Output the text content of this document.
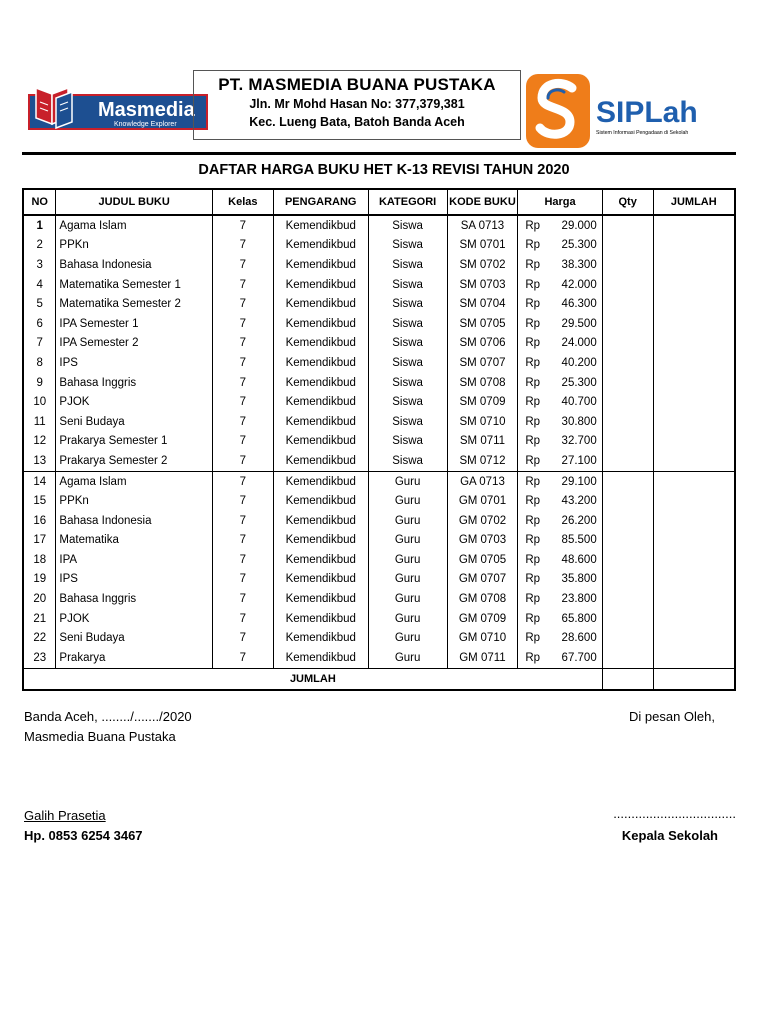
Masmedia
Knowledge Explorer
PT. MASMEDIA BUANA PUSTAKA
Jln. Mr Mohd Hasan No: 377,379,381
Kec. Lueng Bata, Batoh Banda Aceh	SIPLah
Sistem Informasi Pengadaan di Sekolah
DAFTAR HARGA BUKU HET K-13 REVISI TAHUN 2020
NO	JUDUL BUKU	Kelas	PENGARANG	KATEGORI	KODE BUKU	Harga		Qty	JUMLAH
1	Agama Islam	7	Kemendikbud	Siswa	SA 0713	Rp	29.000		
2	PPKn	7	Kemendikbud	Siswa	SM 0701	Rp	25.300		
3	Bahasa Indonesia	7	Kemendikbud	Siswa	SM 0702	Rp	38.300		
4	Matematika Semester 1	7	Kemendikbud	Siswa	SM 0703	Rp	42.000		
5	Matematika Semester 2	7	Kemendikbud	Siswa	SM 0704	Rp	46.300		
6	IPA Semester 1	7	Kemendikbud	Siswa	SM 0705	Rp	29.500		
7	IPA Semester 2	7	Kemendikbud	Siswa	SM 0706	Rp	24.000		
8	IPS	7	Kemendikbud	Siswa	SM 0707	Rp	40.200		
9	Bahasa Inggris	7	Kemendikbud	Siswa	SM 0708	Rp	25.300		
10	PJOK	7	Kemendikbud	Siswa	SM 0709	Rp	40.700		
11	Seni Budaya	7	Kemendikbud	Siswa	SM 0710	Rp	30.800		
12	Prakarya Semester 1	7	Kemendikbud	Siswa	SM 0711	Rp	32.700		
13	Prakarya Semester 2	7	Kemendikbud	Siswa	SM 0712	Rp	27.100		
14	Agama Islam	7	Kemendikbud	Guru	GA 0713	Rp	29.100		
15	PPKn	7	Kemendikbud	Guru	GM 0701	Rp	43.200		
16	Bahasa Indonesia	7	Kemendikbud	Guru	GM 0702	Rp	26.200		
17	Matematika	7	Kemendikbud	Guru	GM 0703	Rp	85.500		
18	IPA	7	Kemendikbud	Guru	GM 0705	Rp	48.600		
19	IPS	7	Kemendikbud	Guru	GM 0707	Rp	35.800		
20	Bahasa Inggris	7	Kemendikbud	Guru	GM 0708	Rp	23.800		
21	PJOK	7	Kemendikbud	Guru	GM 0709	Rp	65.800		
22	Seni Budaya	7	Kemendikbud	Guru	GM 0710	Rp	28.600		
23	Prakarya	7	Kemendikbud	Guru	GM 0711	Rp	67.700		
JUMLAH									
Banda Aceh, ......../......./2020
Masmedia Buana Pustaka
Di pesan Oleh,
Galih Prasetia
Hp. 0853 6254 3467
..................................
Kepala Sekolah
